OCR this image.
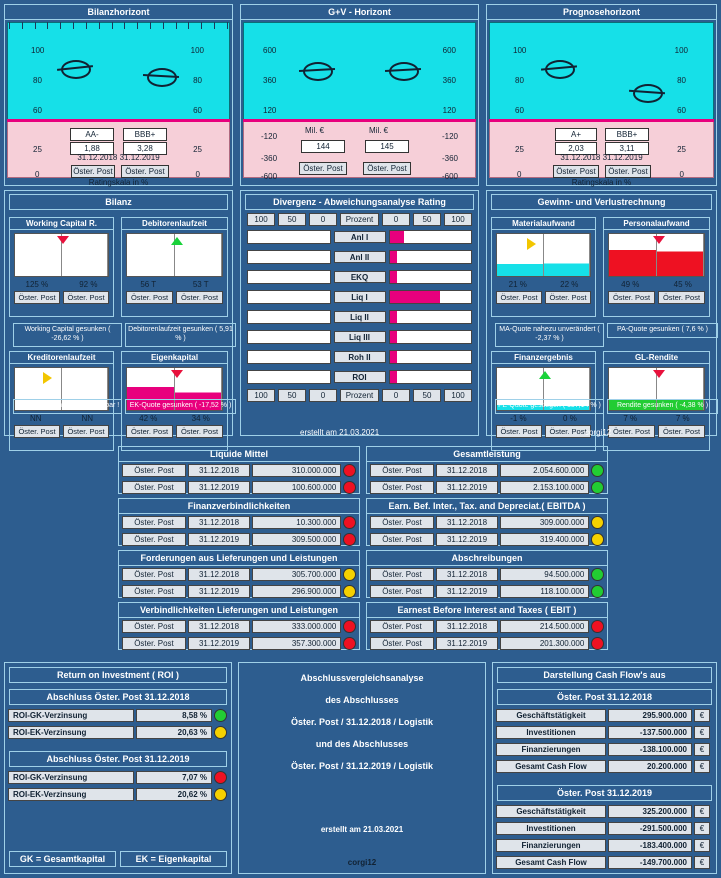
Bilanzhorizont
100
80
60
25
0
100
80
60
25
0
AA-
1,88
BBB+
3,28
31.12.2018 31.12.2019
Öster. Post	Öster. Post
Ratingskala in %
G+V - Horizont
600
360
120
-120
-360
-600
600
360
120
-120
-360
-600
Mil. €	Mil. €
144	145
Öster. Post	Öster. Post
Prognosehorizont
100
80
60
25
0
100
80
60
25
0
A+
2,03
BBB+
3,11
31.12.2018 31.12.2019
Öster. Post	Öster. Post
Ratingskala in %
Bilanz
Working Capital R.
125 %	92 %
Öster. Post	Öster. Post
Working Capital gesunken ( -26,62 % )
Debitorenlaufzeit
56 T	53 T
Öster. Post	Öster. Post
Debitorenlaufzeit gesunken ( 5,91 % )
Kreditorenlaufzeit
NN	NN
Öster. Post	Öster. Post
Erfasste Daten nicht auswertbar !
Eigenkapital
42 %	34 %
Öster. Post	Öster. Post
EK-Quote gesunken ( -17,52 % )
Divergenz - Abweichungsanalyse Rating
100	50	0	Prozent	0	50	100
Anl I
Anl II
EKQ
Liq I
Liq II
Liq III
Roh II
ROI
100	50	0	Prozent	0	50	100
Gewinn- und Verlustrechnung
Materialaufwand
21 %	22 %
Öster. Post	Öster. Post
MA-Quote nahezu unverändert ( -2,37 % )
Personalaufwand
49 %	45 %
Öster. Post	Öster. Post
PA-Quote gesunken ( 7,6 % )
Finanzergebnis
-1 %	0 %
Öster. Post	Öster. Post
FE-Quote gestiegen ( 157,14 % )
GL-Rendite
7 %	7 %
Öster. Post	Öster. Post
Rendite gesunken ( -4,38 % )
erstellt am 21.03.2021	corgi12
Liquide Mittel
Öster. Post	31.12.2018	310.000.000
Öster. Post	31.12.2019	100.600.000
Gesamtleistung
Öster. Post	31.12.2018	2.054.600.000
Öster. Post	31.12.2019	2.153.100.000
Finanzverbindlichkeiten
Öster. Post	31.12.2018	10.300.000
Öster. Post	31.12.2019	309.500.000
Earn. Bef. Inter., Tax. and Depreciat.( EBITDA )
Öster. Post	31.12.2018	309.000.000
Öster. Post	31.12.2019	319.400.000
Forderungen aus Lieferungen und Leistungen
Öster. Post	31.12.2018	305.700.000
Öster. Post	31.12.2019	296.900.000
Abschreibungen
Öster. Post	31.12.2018	94.500.000
Öster. Post	31.12.2019	118.100.000
Verbindlichkeiten Lieferungen und Leistungen
Öster. Post	31.12.2018	333.000.000
Öster. Post	31.12.2019	357.300.000
Earnest Before Interest and Taxes ( EBIT )
Öster. Post	31.12.2018	214.500.000
Öster. Post	31.12.2019	201.300.000
Return on Investment ( ROI )
Abschluss Öster. Post 31.12.2018
ROI-GK-Verzinsung	8,58 %
ROI-EK-Verzinsung	20,63 %
Abschluss Öster. Post 31.12.2019
ROI-GK-Verzinsung	7,07 %
ROI-EK-Verzinsung	20,62 %
GK = Gesamtkapital	EK = Eigenkapital
Abschlussvergleichsanalyse
des Abschlusses
Öster. Post / 31.12.2018 / Logistik
und des Abschlusses
Öster. Post / 31.12.2019 / Logistik
erstellt am 21.03.2021
corgi12
Darstellung Cash Flow's aus
Öster. Post 31.12.2018
Geschäftstätigkeit	295.900.000	€
Investitionen	-137.500.000	€
Finanzierungen	-138.100.000	€
Gesamt Cash Flow	20.200.000	€
Öster. Post 31.12.2019
Geschäftstätigkeit	325.200.000	€
Investitionen	-291.500.000	€
Finanzierungen	-183.400.000	€
Gesamt Cash Flow	-149.700.000	€
